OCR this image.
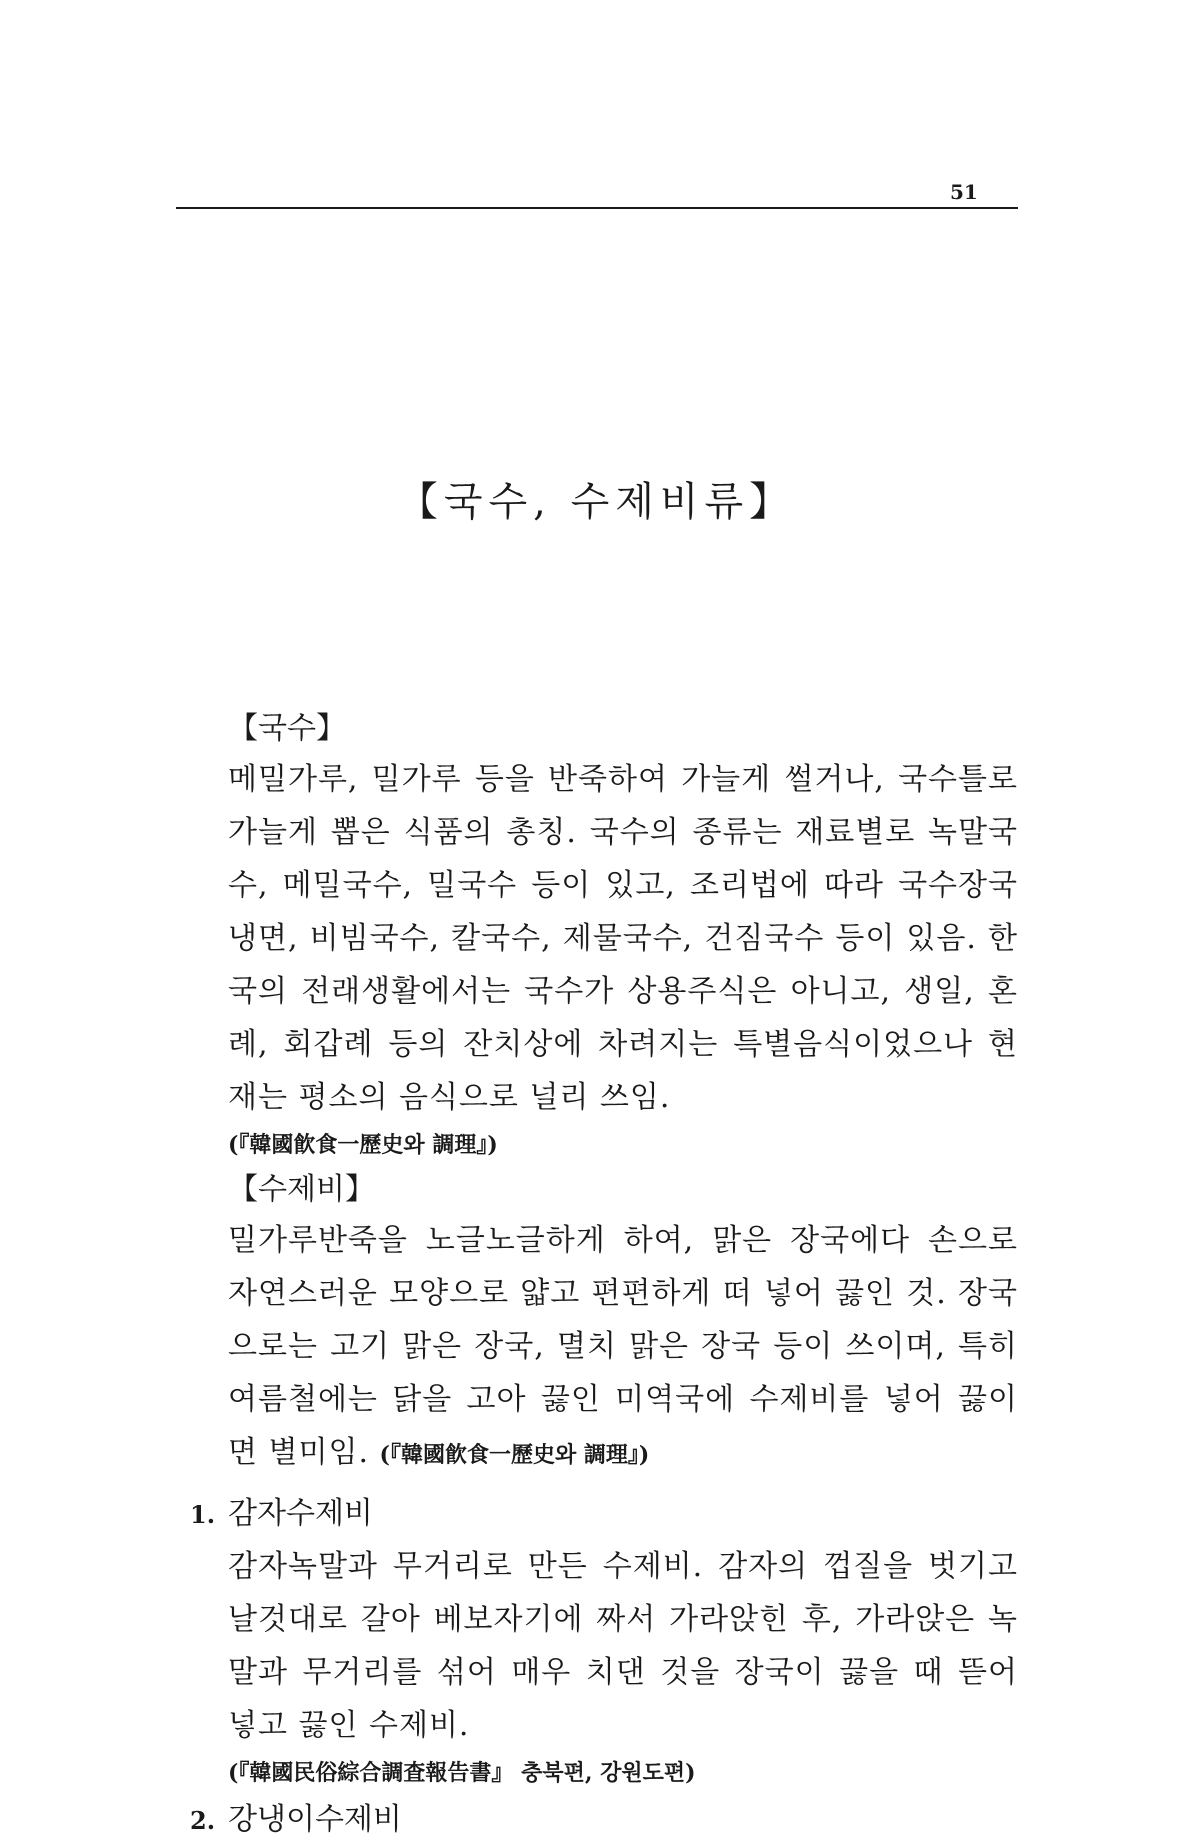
51
【국수, 수제비류】
【국수】
메밀가루, 밀가루 등을 반죽하여 가늘게 썰거나, 국수틀로 가늘게 뽑은 식품의 총칭. 국수의 종류는 재료별로 녹말국수, 메밀국수, 밀국수 등이 있고, 조리법에 따라 국수장국냉면, 비빔국수, 칼국수, 제물국수, 건짐국수 등이 있음. 한국의 전래생활에서는 국수가 상용주식은 아니고, 생일, 혼례, 회갑례 등의 잔치상에 차려지는 특별음식이었으나 현재는 평소의 음식으로 널리 쓰임.
(『韓國飮食一歷史와 調理』)
【수제비】
밀가루반죽을 노글노글하게 하여, 맑은 장국에다 손으로 자연스러운 모양으로 얇고 편편하게 떠 넣어 끓인 것. 장국으로는 고기 맑은 장국, 멸치 맑은 장국 등이 쓰이며, 특히 여름철에는 닭을 고아 끓인 미역국에 수제비를 넣어 끓이면 별미임. (『韓國飮食一歷史와 調理』)
1. 감자수제비
감자녹말과 무거리로 만든 수제비. 감자의 껍질을 벗기고 날것대로 갈아 베보자기에 짜서 가라앉힌 후, 가라앉은 녹말과 무거리를 섞어 매우 치댄 것을 장국이 끓을 때 뜯어 넣고 끓인 수제비.
(『韓國民俗綜合調査報告書』 충북편, 강원도편)
2. 강냉이수제비
